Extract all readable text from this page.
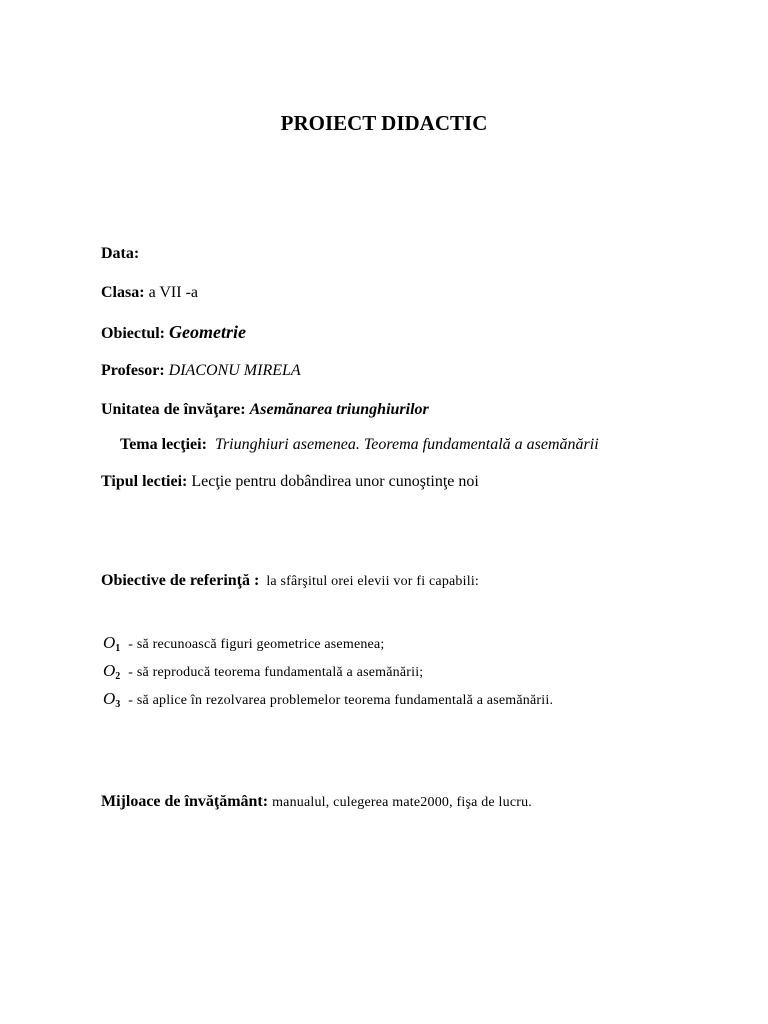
PROIECT DIDACTIC
Data:
Clasa: a VII -a
Obiectul: Geometrie
Profesor: DIACONU MIRELA
Unitatea de învăţare: Asemănarea triunghiurilor
Tema lecţiei: Triunghiuri asemenea. Teorema fundamentală a asemănării
Tipul lectiei: Lecţie pentru dobândirea unor cunoştinţe noi
Obiective de referinţă : la sfârşitul orei elevii vor fi capabili:
O1 - să recunoască figuri geometrice asemenea;
O2 - să reproducă teorema fundamentală a asemănării;
O3 - să aplice în rezolvarea problemelor teorema fundamentală a asemănării.
Mijloace de învăţământ: manualul, culegerea mate2000, fişa de lucru.
